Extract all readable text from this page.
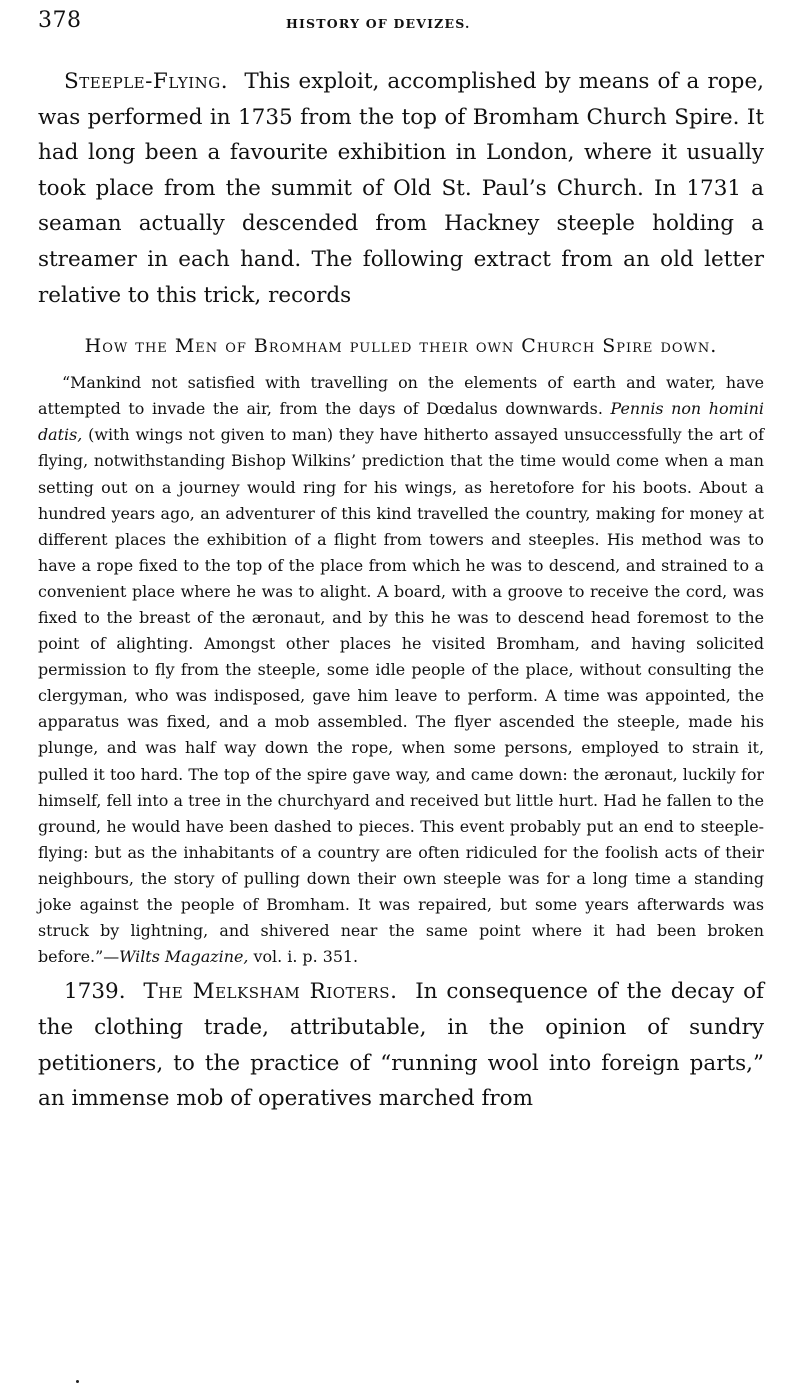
378	HISTORY OF DEVIZES.

Steeple-Flying. This exploit, accomplished by means of a rope, was performed in 1735 from the top of Bromham Church Spire. It had long been a favourite exhibition in London, where it usually took place from the summit of Old St. Paul’s Church. In 1731 a seaman actually descended from Hackney steeple holding a streamer in each hand. The following extract from an old letter relative to this trick, records

How the Men of Bromham pulled their own Church Spire down.

“Mankind not satisfied with travelling on the elements of earth and water, have attempted to invade the air, from the days of Dœdalus downwards. Pennis non homini datis, (with wings not given to man) they have hitherto assayed unsuccessfully the art of flying, notwithstanding Bishop Wilkins’ prediction that the time would come when a man setting out on a journey would ring for his wings, as heretofore for his boots. About a hundred years ago, an adventurer of this kind travelled the country, making for money at different places the exhibition of a flight from towers and steeples. His method was to have a rope fixed to the top of the place from which he was to descend, and strained to a convenient place where he was to alight. A board, with a groove to receive the cord, was fixed to the breast of the æronaut, and by this he was to descend head foremost to the point of alighting. Amongst other places he visited Bromham, and having solicited permission to fly from the steeple, some idle people of the place, without consulting the clergyman, who was indisposed, gave him leave to perform. A time was appointed, the apparatus was fixed, and a mob assembled. The flyer ascended the steeple, made his plunge, and was half way down the rope, when some persons, employed to strain it, pulled it too hard. The top of the spire gave way, and came down: the æronaut, luckily for himself, fell into a tree in the churchyard and received but little hurt. Had he fallen to the ground, he would have been dashed to pieces. This event probably put an end to steeple-flying: but as the inhabitants of a country are often ridiculed for the foolish acts of their neighbours, the story of pulling down their own steeple was for a long time a standing joke against the people of Bromham. It was repaired, but some years afterwards was struck by lightning, and shivered near the same point where it had been broken before.”—Wilts Magazine, vol. i. p. 351.

1739. The Melksham Rioters. In consequence of the decay of the clothing trade, attributable, in the opinion of sundry petitioners, to the practice of “running wool into foreign parts,” an immense mob of operatives marched from
